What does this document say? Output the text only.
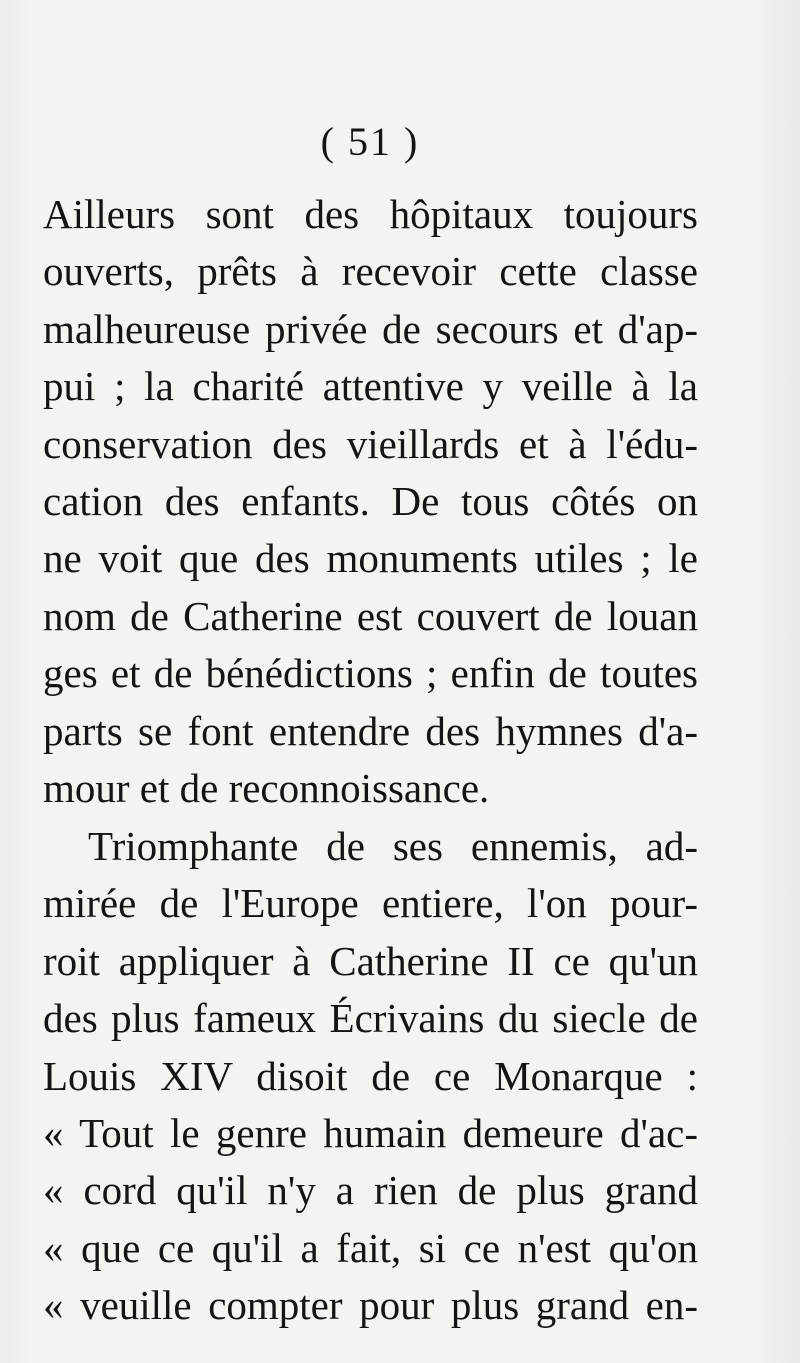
( 51 )
Ailleurs sont des hôpitaux toujours
ouverts, prêts à recevoir cette classe
malheureuse privée de secours et d'ap-
pui ; la charité attentive y veille à la
conservation des vieillards et à l'édu-
cation des enfants. De tous côtés on
ne voit que des monuments utiles ; le
nom de Catherine est couvert de louan
ges et de bénédictions ; enfin de toutes
parts se font entendre des hymnes d'a-
mour et de reconnoissance.
Triomphante de ses ennemis, ad-
mirée de l'Europe entiere, l'on pour-
roit appliquer à Catherine II ce qu'un
des plus fameux Écrivains du siecle de
Louis XIV disoit de ce Monarque :
« Tout le genre humain demeure d'ac-
« cord qu'il n'y a rien de plus grand
« que ce qu'il a fait, si ce n'est qu'on
« veuille compter pour plus grand en-
